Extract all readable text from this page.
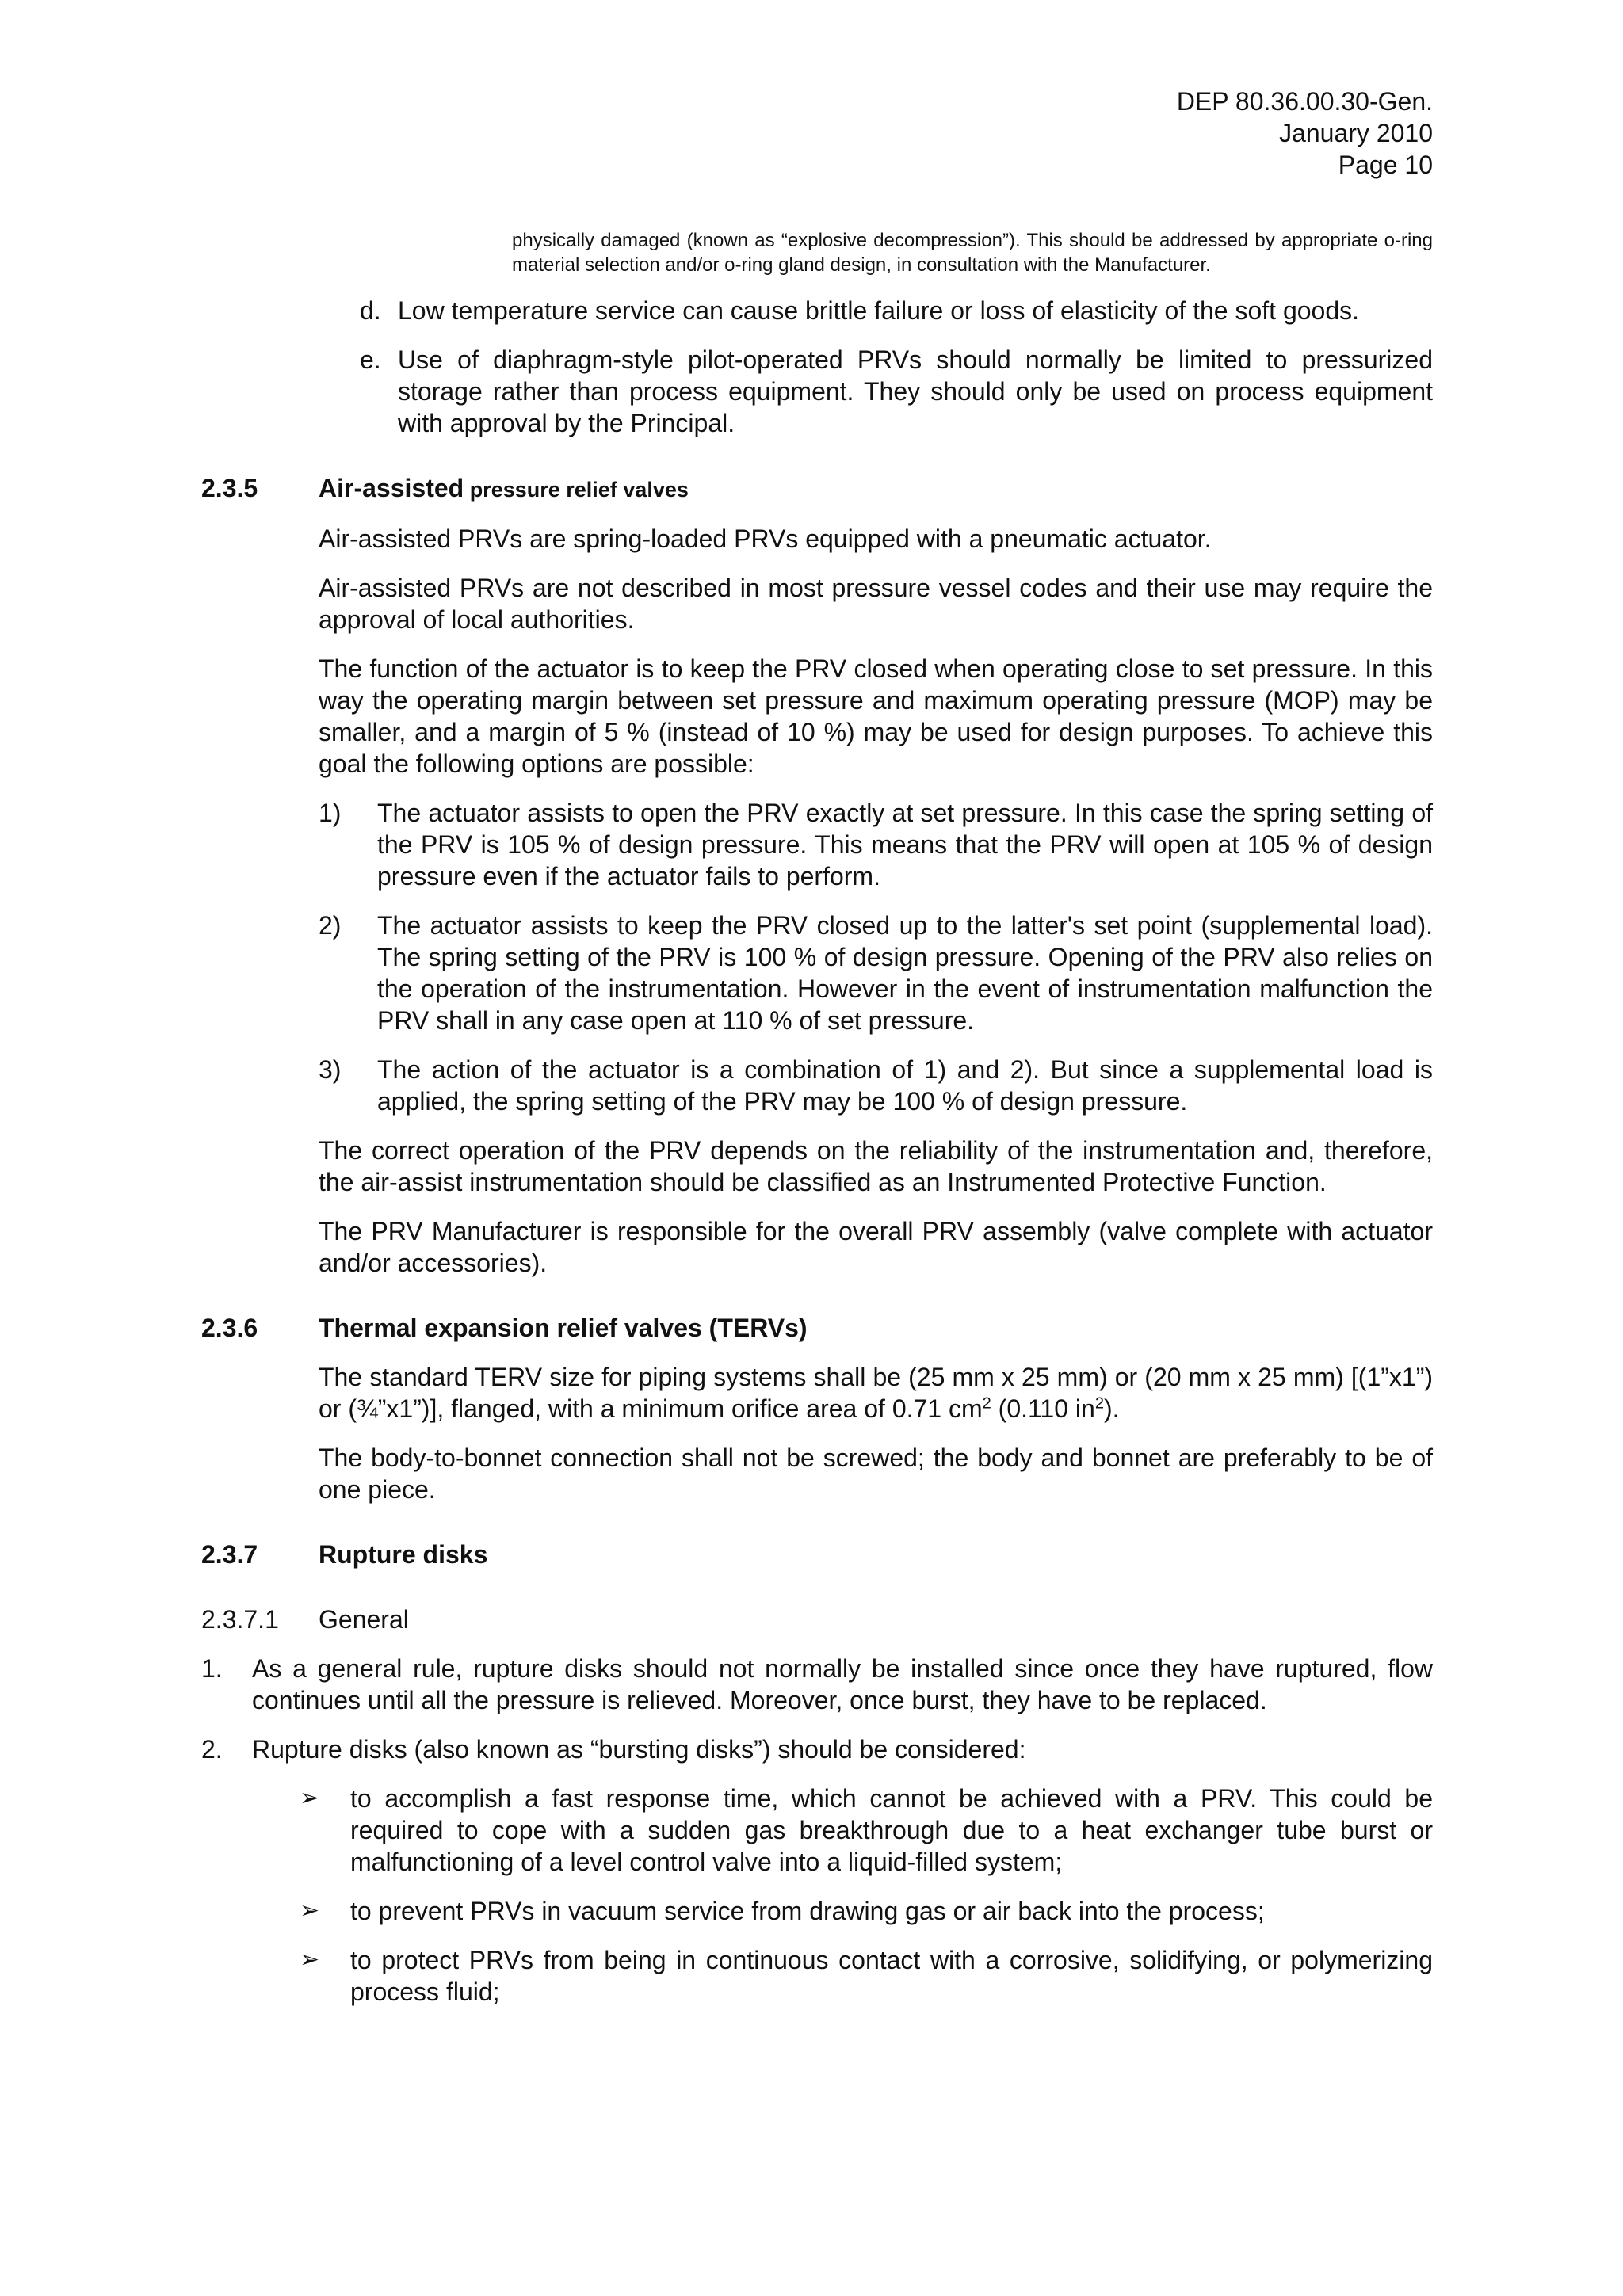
DEP 80.36.00.30-Gen.
January 2010
Page 10

physically damaged (known as “explosive decompression”). This should be addressed by appropriate o-ring material selection and/or o-ring gland design, in consultation with the Manufacturer.

d. Low temperature service can cause brittle failure or loss of elasticity of the soft goods.
e. Use of diaphragm-style pilot-operated PRVs should normally be limited to pressurized storage rather than process equipment. They should only be used on process equipment with approval by the Principal.
2.3.5	Air-assisted pressure relief valves

Air-assisted PRVs are spring-loaded PRVs equipped with a pneumatic actuator.

Air-assisted PRVs are not described in most pressure vessel codes and their use may require the approval of local authorities.

The function of the actuator is to keep the PRV closed when operating close to set pressure. In this way the operating margin between set pressure and maximum operating pressure (MOP) may be smaller, and a margin of 5 % (instead of 10 %) may be used for design purposes. To achieve this goal the following options are possible:

1)	The actuator assists to open the PRV exactly at set pressure. In this case the spring setting of the PRV is 105 % of design pressure. This means that the PRV will open at 105 % of design pressure even if the actuator fails to perform.
2)	The actuator assists to keep the PRV closed up to the latter's set point (supplemental load). The spring setting of the PRV is 100 % of design pressure. Opening of the PRV also relies on the operation of the instrumentation. However in the event of instrumentation malfunction the PRV shall in any case open at 110 % of set pressure.
3)	The action of the actuator is a combination of 1) and 2). But since a supplemental load is applied, the spring setting of the PRV may be 100 % of design pressure.

The correct operation of the PRV depends on the reliability of the instrumentation and, therefore, the air-assist instrumentation should be classified as an Instrumented Protective Function.

The PRV Manufacturer is responsible for the overall PRV assembly (valve complete with actuator and/or accessories).

2.3.6	Thermal expansion relief valves (TERVs)

The standard TERV size for piping systems shall be (25 mm x 25 mm) or (20 mm x 25 mm) [(1”x1”) or (¾”x1”)], flanged, with a minimum orifice area of 0.71 $cm^2$ (0.110 $in^2$).

The body-to-bonnet connection shall not be screwed; the body and bonnet are preferably to be of one piece.

2.3.7	Rupture disks
2.3.7.1	General
1.	As a general rule, rupture disks should not normally be installed since once they have ruptured, flow continues until all the pressure is relieved. Moreover, once burst, they have to be replaced.
2.	Rupture disks (also known as “bursting disks”) should be considered:
➢	to accomplish a fast response time, which cannot be achieved with a PRV. This could be required to cope with a sudden gas breakthrough due to a heat exchanger tube burst or malfunctioning of a level control valve into a liquid-filled system;
➢	to prevent PRVs in vacuum service from drawing gas or air back into the process;
➢	to protect PRVs from being in continuous contact with a corrosive, solidifying, or polymerizing process fluid;
